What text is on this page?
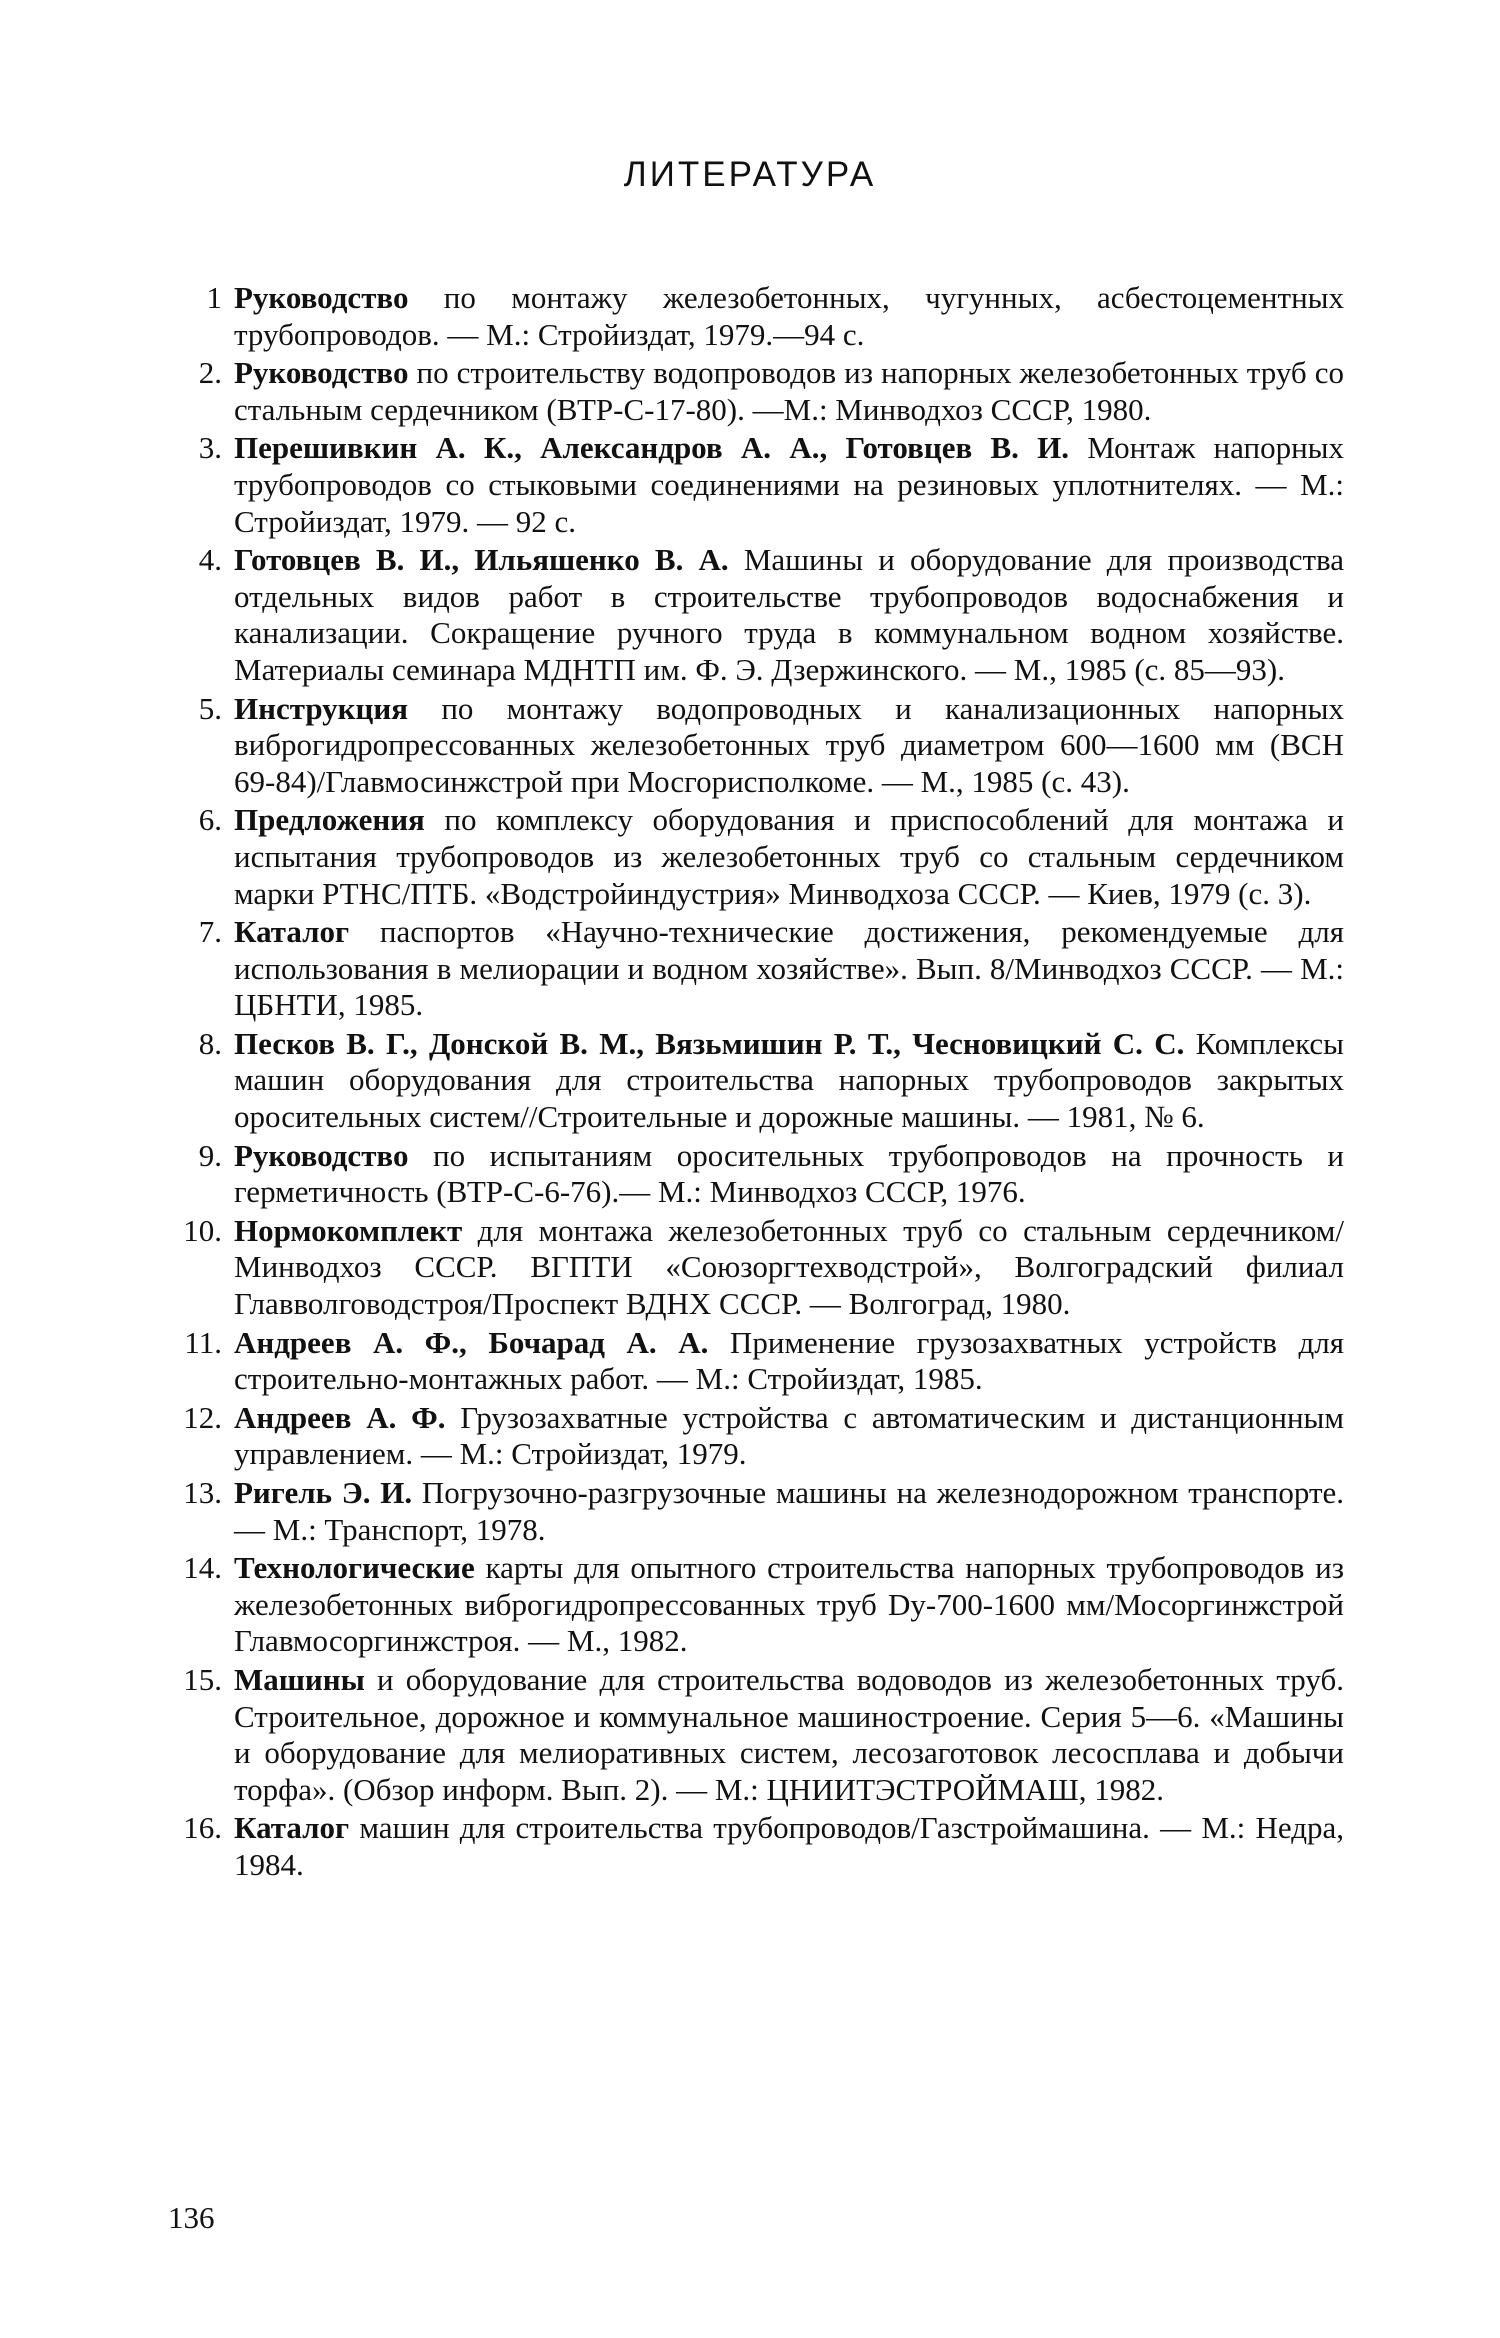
ЛИТЕРАТУРА
1 Руководство по монтажу железобетонных, чугунных, асбестоцементных трубопроводов. — М.: Стройиздат, 1979.—94 с.
2. Руководство по строительству водопроводов из напорных железобетонных труб со стальным сердечником (ВТР-С-17-80). —М.: Минводхоз СССР, 1980.
3. Перешивкин А. К., Александров А. А., Готовцев В. И. Монтаж напорных трубопроводов со стыковыми соединениями на резиновых уплотнителях. — М.: Стройиздат, 1979. — 92 с.
4. Готовцев В. И., Ильяшенко В. А. Машины и оборудование для производства отдельных видов работ в строительстве трубопроводов водоснабжения и канализации. Сокращение ручного труда в коммунальном водном хозяйстве. Материалы семинара МДНТП им. Ф. Э. Дзержинского. — М., 1985 (с. 85—93).
5. Инструкция по монтажу водопроводных и канализационных напорных виброгидропрессованных железобетонных труб диаметром 600—1600 мм (ВСН 69-84)/Главмосинжстрой при Мосгорисполкоме. — М., 1985 (с. 43).
6. Предложения по комплексу оборудования и приспособлений для монтажа и испытания трубопроводов из железобетонных труб со стальным сердечником марки РТНС/ПТБ. «Водстройиндустрия» Минводхоза СССР. — Киев, 1979 (с. 3).
7. Каталог паспортов «Научно-технические достижения, рекомендуемые для использования в мелиорации и водном хозяйстве». Вып. 8/Минводхоз СССР. — М.: ЦБНТИ, 1985.
8. Песков В. Г., Донской В. М., Вязьмишин Р. Т., Чесновицкий С. С. Комплексы машин оборудования для строительства напорных трубопроводов закрытых оросительных систем//Строительные и дорожные машины. — 1981, № 6.
9. Руководство по испытаниям оросительных трубопроводов на прочность и герметичность (ВТР-С-6-76).— М.: Минводхоз СССР, 1976.
10. Нормокомплект для монтажа железобетонных труб со стальным сердечником/Минводхоз СССР. ВГПТИ «Союзоргтехводстрой», Волгоградский филиал Главволговодстроя/Проспект ВДНХ СССР. — Волгоград, 1980.
11. Андреев А. Ф., Бочарад А. А. Применение грузозахватных устройств для строительно-монтажных работ. — М.: Стройиздат, 1985.
12. Андреев А. Ф. Грузозахватные устройства с автоматическим и дистанционным управлением. — М.: Стройиздат, 1979.
13. Ригель Э. И. Погрузочно-разгрузочные машины на железнодорожном транспорте. — М.: Транспорт, 1978.
14. Технологические карты для опытного строительства напорных трубопроводов из железобетонных виброгидропрессованных труб Dу-700-1600 мм/Мосоргинжстрой Главмосоргинжстроя. — М., 1982.
15. Машины и оборудование для строительства водоводов из железобетонных труб. Строительное, дорожное и коммунальное машиностроение. Серия 5—6. «Машины и оборудование для мелиоративных систем, лесозаготовок лесосплава и добычи торфа». (Обзор информ. Вып. 2). — М.: ЦНИИТЭСТРОЙМАШ, 1982.
16. Каталог машин для строительства трубопроводов/Газстроймашина. — М.: Недра, 1984.
136
